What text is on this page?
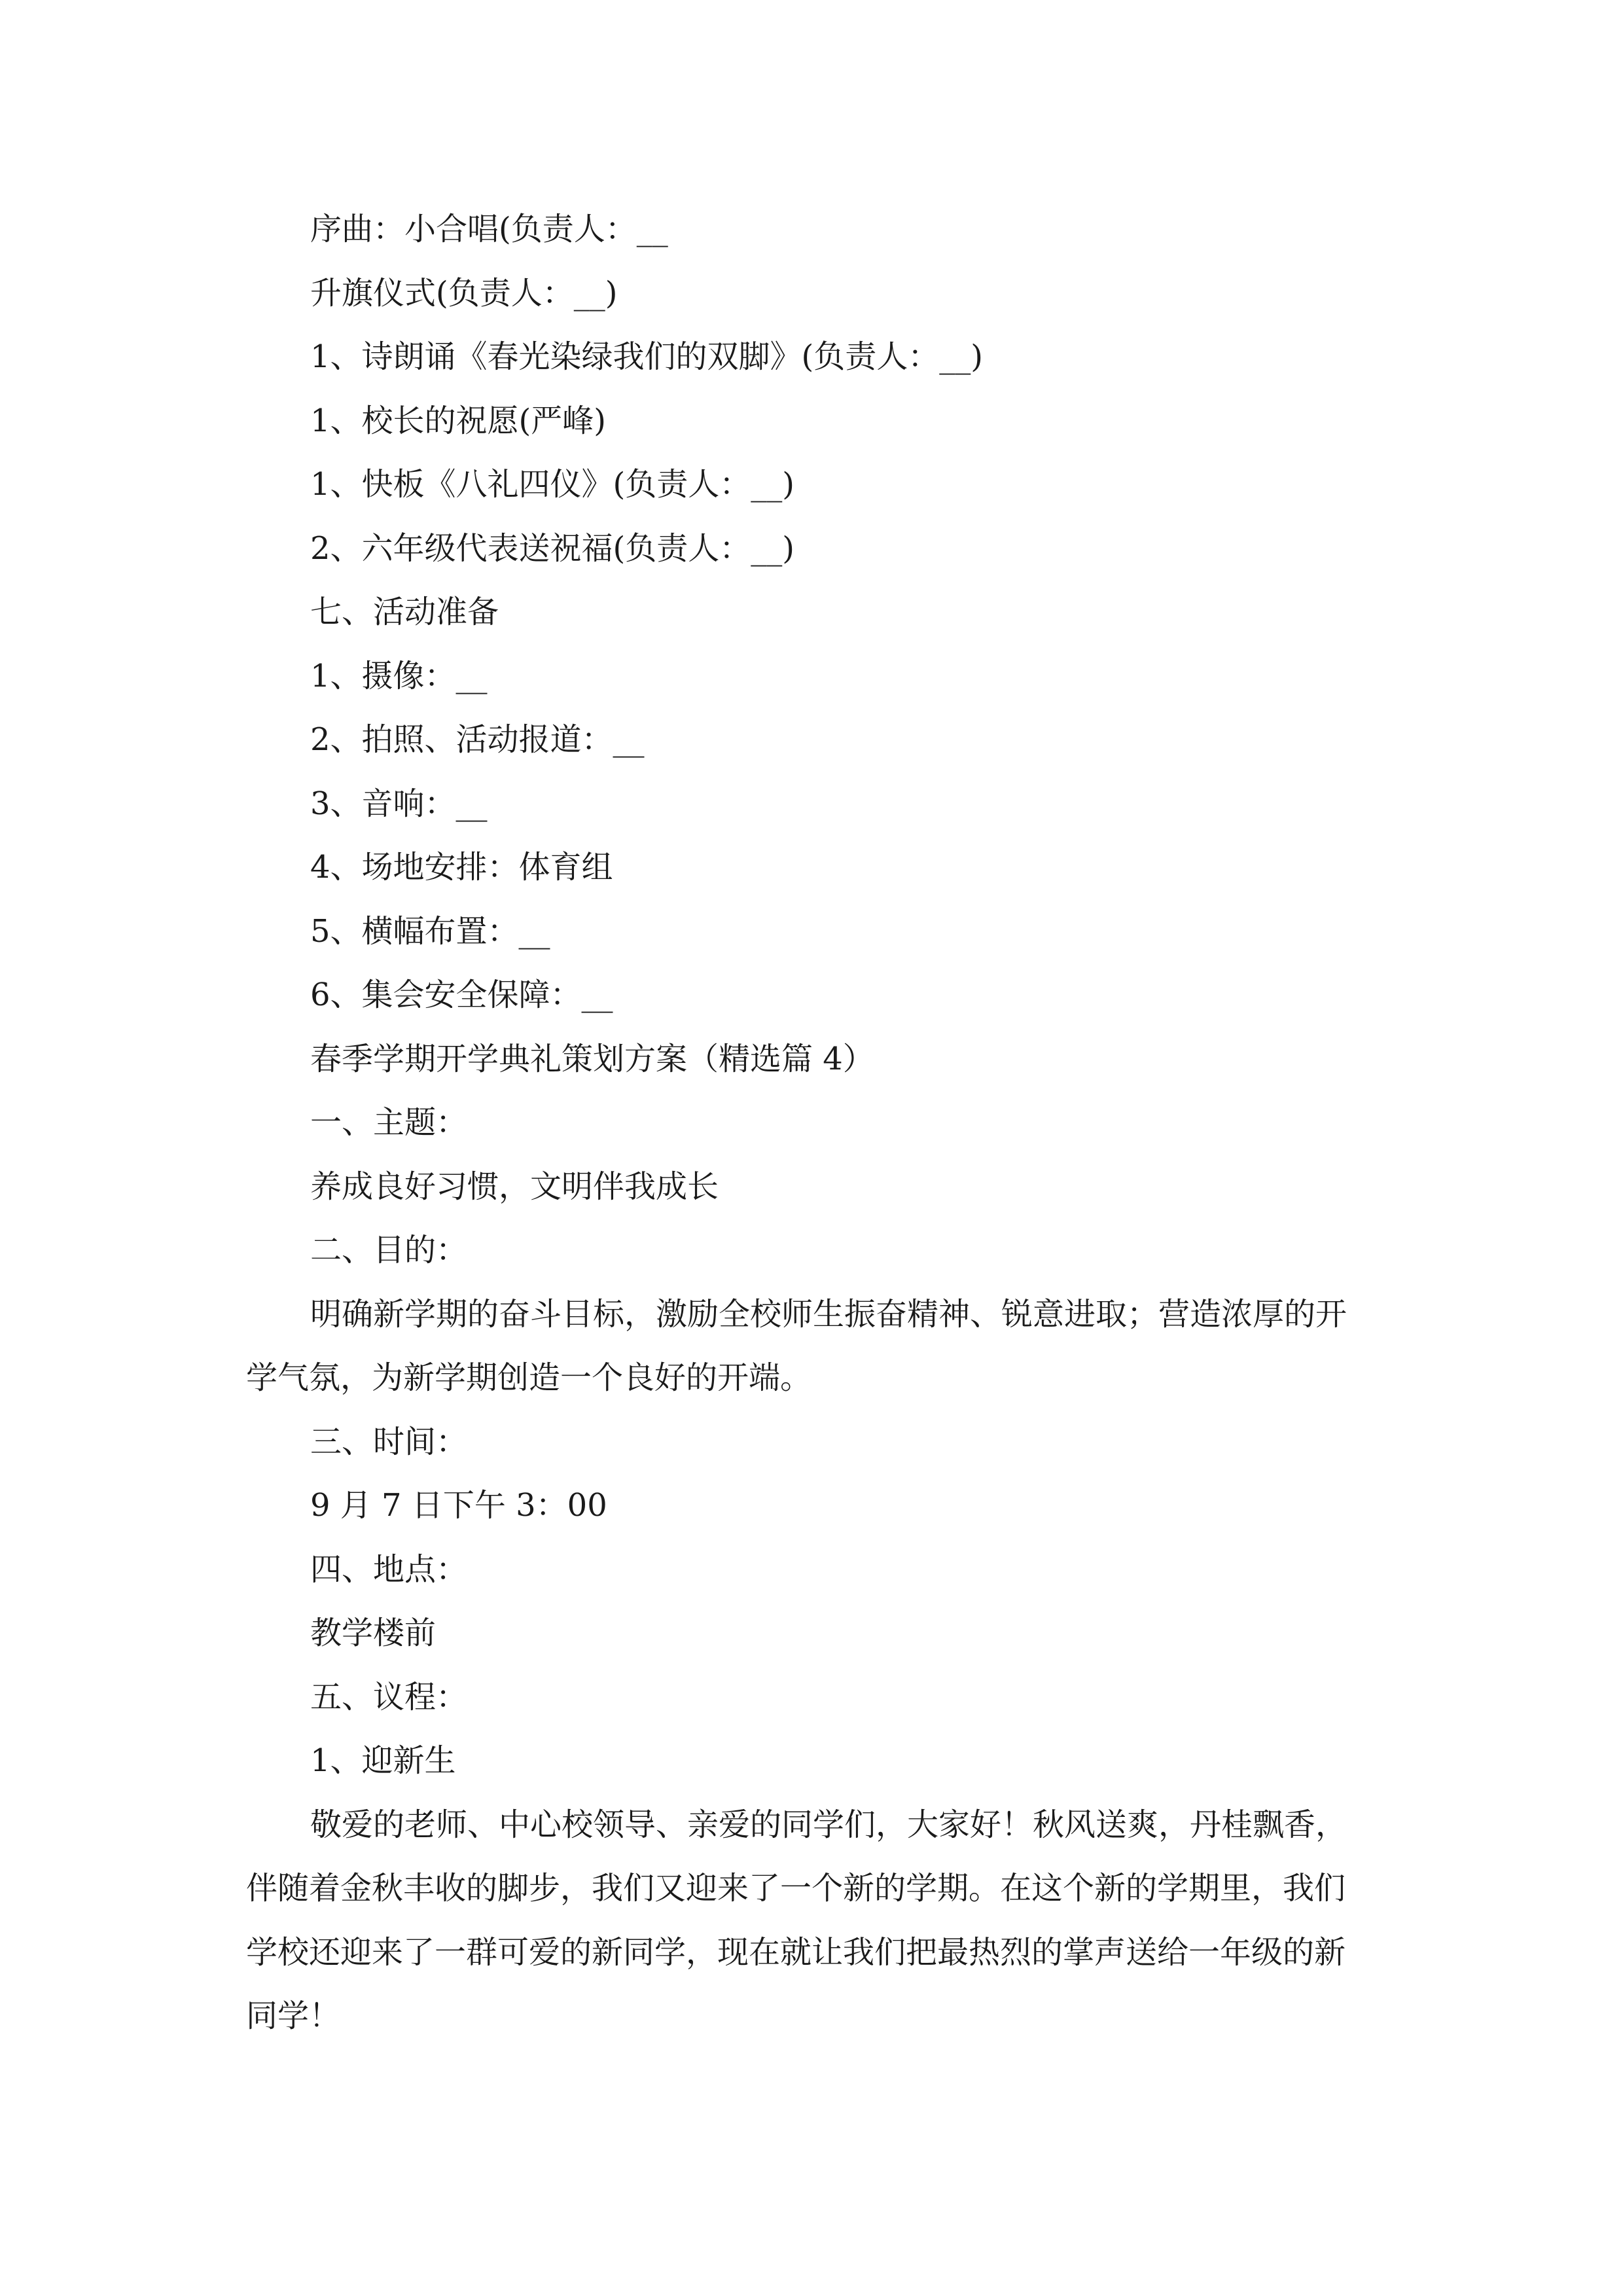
序曲：小合唱(负责人：__
升旗仪式(负责人：__)
1、诗朗诵《春光染绿我们的双脚》(负责人：__)
1、校长的祝愿(严峰)
1、快板《八礼四仪》(负责人：__)
2、六年级代表送祝福(负责人：__)
七、活动准备
1、摄像：__
2、拍照、活动报道：__
3、音响：__
4、场地安排：体育组
5、横幅布置：__
6、集会安全保障：__
春季学期开学典礼策划方案（精选篇 4）
一、主题：
养成良好习惯，文明伴我成长
二、目的：
明确新学期的奋斗目标，激励全校师生振奋精神、锐意进取；营造浓厚的开
学气氛，为新学期创造一个良好的开端。
三、时间：
9 月 7 日下午 3：00
四、地点：
教学楼前
五、议程：
1、迎新生
敬爱的老师、中心校领导、亲爱的同学们，大家好！秋风送爽，丹桂飘香，
伴随着金秋丰收的脚步，我们又迎来了一个新的学期。在这个新的学期里，我们
学校还迎来了一群可爱的新同学，现在就让我们把最热烈的掌声送给一年级的新
同学！
